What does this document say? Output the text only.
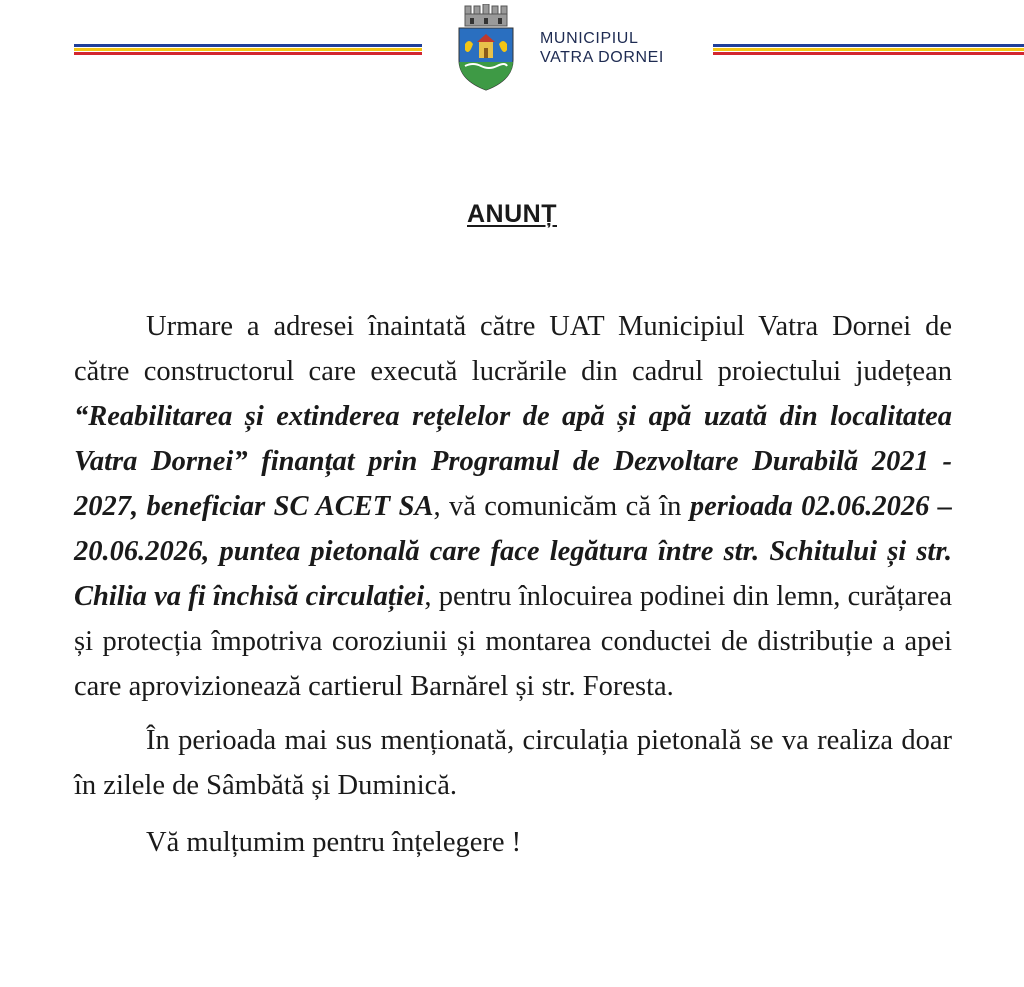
MUNICIPIUL
VATRA DORNEI
ANUNȚ

Urmare a adresei înaintată către UAT Municipiul Vatra Dornei de către constructorul care execută lucrările din cadrul proiectului județean “Reabilitarea și extinderea rețelelor de apă și apă uzată din localitatea Vatra Dornei” finanțat prin Programul de Dezvoltare Durabilă 2021 - 2027, beneficiar SC ACET SA, vă comunicăm că în perioada 02.06.2026 – 20.06.2026, puntea pietonală care face legătura între str. Schitului și str. Chilia va fi închisă circulației, pentru înlocuirea podinei din lemn, curățarea și protecția împotriva coroziunii și montarea conductei de distribuție a apei care aprovizionează cartierul Barnărel și str. Foresta.

În perioada mai sus menționată, circulația pietonală se va realiza doar în zilele de Sâmbătă și Duminică.

Vă mulțumim pentru înțelegere !
